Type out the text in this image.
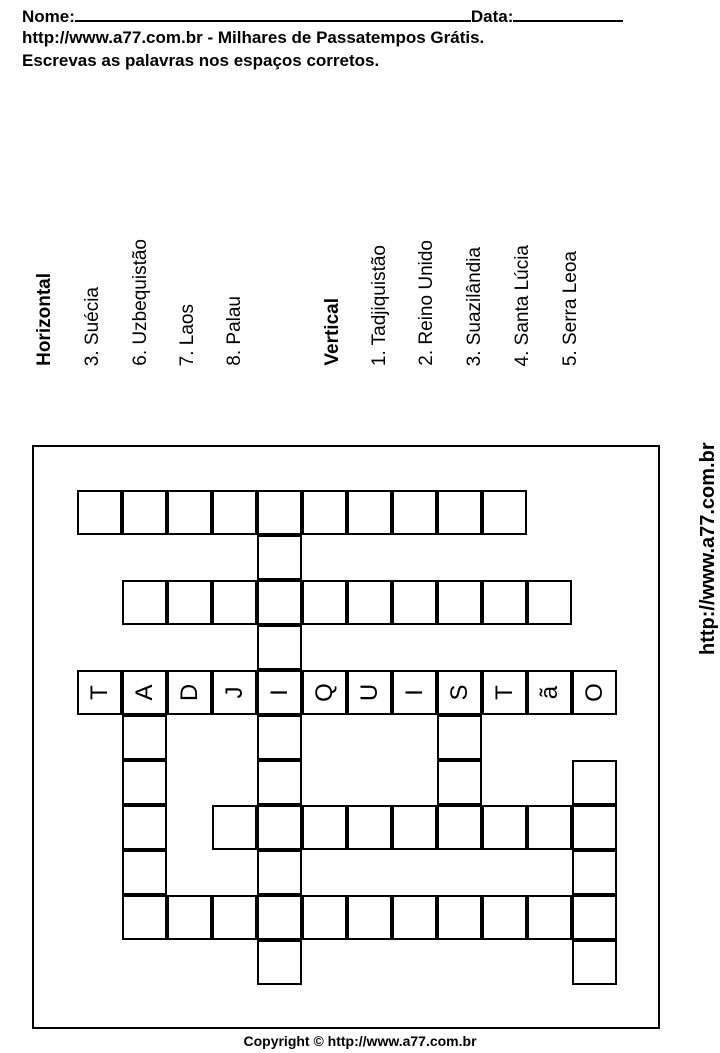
Nome:	Data:
http://www.a77.com.br - Milhares de Passatempos Grátis.
Escrevas as palavras nos espaços corretos.
Horizontal 3. Suécia 6. Uzbequistão 7. Laos 8. Palau	Vertical 1. Tadjiquistão 2. Reino Unido 3. Suazilândia 4. Santa Lúcia 5. Serra Leoa
T A D J I Q U I S T ã O
http://www.a77.com.br
Copyright © http://www.a77.com.br
